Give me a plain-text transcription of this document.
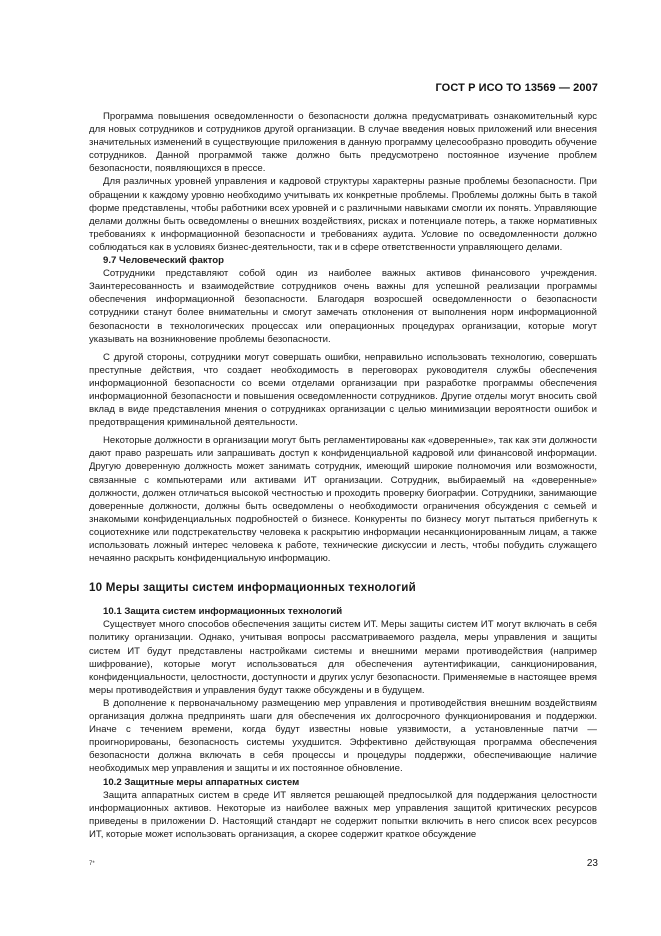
ГОСТ Р ИСО ТО 13569 — 2007

Программа повышения осведомленности о безопасности должна предусматривать ознакомительный курс для новых сотрудников и сотрудников другой организации. В случае введения новых приложений или внесения значительных изменений в существующие приложения в данную программу целесообразно проводить обучение сотрудников. Данной программой также должно быть предусмотрено постоянное изучение проблем безопасности, появляющихся в прессе.

Для различных уровней управления и кадровой структуры характерны разные проблемы безопасности. При обращении к каждому уровню необходимо учитывать их конкретные проблемы. Проблемы должны быть в такой форме представлены, чтобы работники всех уровней и с различными навыками смогли их понять. Управляющие делами должны быть осведомлены о внешних воздействиях, рисках и потенциале потерь, а также нормативных требованиях к информационной безопасности и требованиях аудита. Условие по осведомленности должно соблюдаться как в условиях бизнес-деятельности, так и в сфере ответственности управляющего делами.

9.7 Человеческий фактор

Сотрудники представляют собой один из наиболее важных активов финансового учреждения. Заинтересованность и взаимодействие сотрудников очень важны для успешной реализации программы обеспечения информационной безопасности. Благодаря возросшей осведомленности о безопасности сотрудники станут более внимательны и смогут замечать отклонения от выполнения норм информационной безопасности в технологических процессах или операционных процедурах организации, которые могут указывать на возникновение проблемы безопасности.

С другой стороны, сотрудники могут совершать ошибки, неправильно использовать технологию, совершать преступные действия, что создает необходимость в переговорах руководителя службы обеспечения информационной безопасности со всеми отделами организации при разработке программы обеспечения информационной безопасности и повышения осведомленности сотрудников. Другие отделы могут вносить свой вклад в виде представления мнения о сотрудниках организации с целью минимизации вероятности ошибок и предотвращения криминальной деятельности.

Некоторые должности в организации могут быть регламентированы как «доверенные», так как эти должности дают право разрешать или запрашивать доступ к конфиденциальной кадровой или финансовой информации. Другую доверенную должность может занимать сотрудник, имеющий широкие полномочия или возможности, связанные с компьютерами или активами ИТ организации. Сотрудник, выбираемый на «доверенные» должности, должен отличаться высокой честностью и проходить проверку биографии. Сотрудники, занимающие доверенные должности, должны быть осведомлены о необходимости ограничения обсуждения с семьей и знакомыми конфиденциальных подробностей о бизнесе. Конкуренты по бизнесу могут пытаться прибегнуть к социотехнике или подстрекательству человека к раскрытию информации несанкционированным лицам, а также использовать ложный интерес человека к работе, технические дискуссии и лесть, чтобы побудить служащего нечаянно раскрыть конфиденциальную информацию.

10 Меры защиты систем информационных технологий
10.1 Защита систем информационных технологий

Существует много способов обеспечения защиты систем ИТ. Меры защиты систем ИТ могут включать в себя политику организации. Однако, учитывая вопросы рассматриваемого раздела, меры управления и защиты систем ИТ будут представлены настройками системы и внешними мерами противодействия (например шифрование), которые могут использоваться для обеспечения аутентификации, санкционирования, конфиденциальности, целостности, доступности и других услуг безопасности. Применяемые в настоящее время меры противодействия и управления будут также обсуждены и в будущем.

В дополнение к первоначальному размещению мер управления и противодействия внешним воздействиям организация должна предпринять шаги для обеспечения их долгосрочного функционирования и поддержки. Иначе с течением времени, когда будут известны новые уязвимости, а установленные патчи — проигнорированы, безопасность системы ухудшится. Эффективно действующая программа обеспечения безопасности должна включать в себя процессы и процедуры поддержки, обеспечивающие наличие необходимых мер управления и защиты и их постоянное обновление.

10.2 Защитные меры аппаратных систем

Защита аппаратных систем в среде ИТ является решающей предпосылкой для поддержания целостности информационных активов. Некоторые из наиболее важных мер управления защитой критических ресурсов приведены в приложении D. Настоящий стандарт не содержит попытки включить в него список всех ресурсов ИТ, которые может использовать организация, а скорее содержит краткое обсуждение

7*	23
